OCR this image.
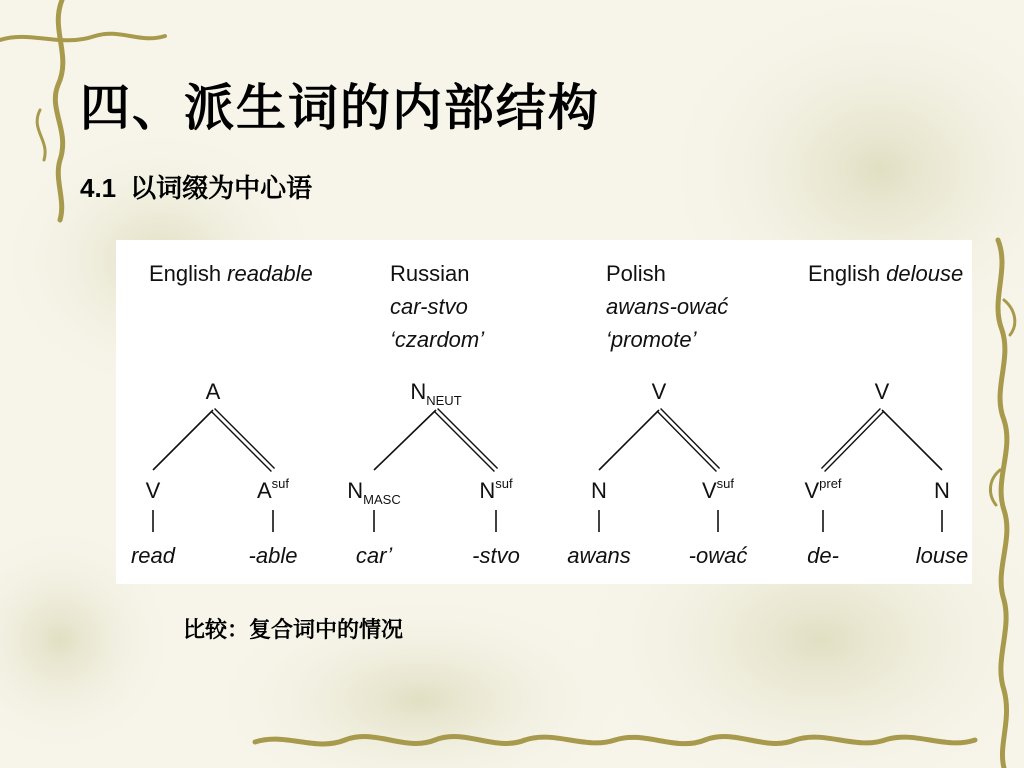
四、派生词的内部结构
4.1 以词缀为中心语
English readable
A
V	$A^{suf}$
read	-able
Russian
car-stvo
‘czardom’
$N_{NEUT}$
$N_{MASC}$	$N^{suf}$
car’	-stvo
Polish
awans-ować
‘promote’
V
N	$V^{suf}$
awans	-ować
English delouse
V
$V^{pref}$	N
de-	louse

比较：复合词中的情况
